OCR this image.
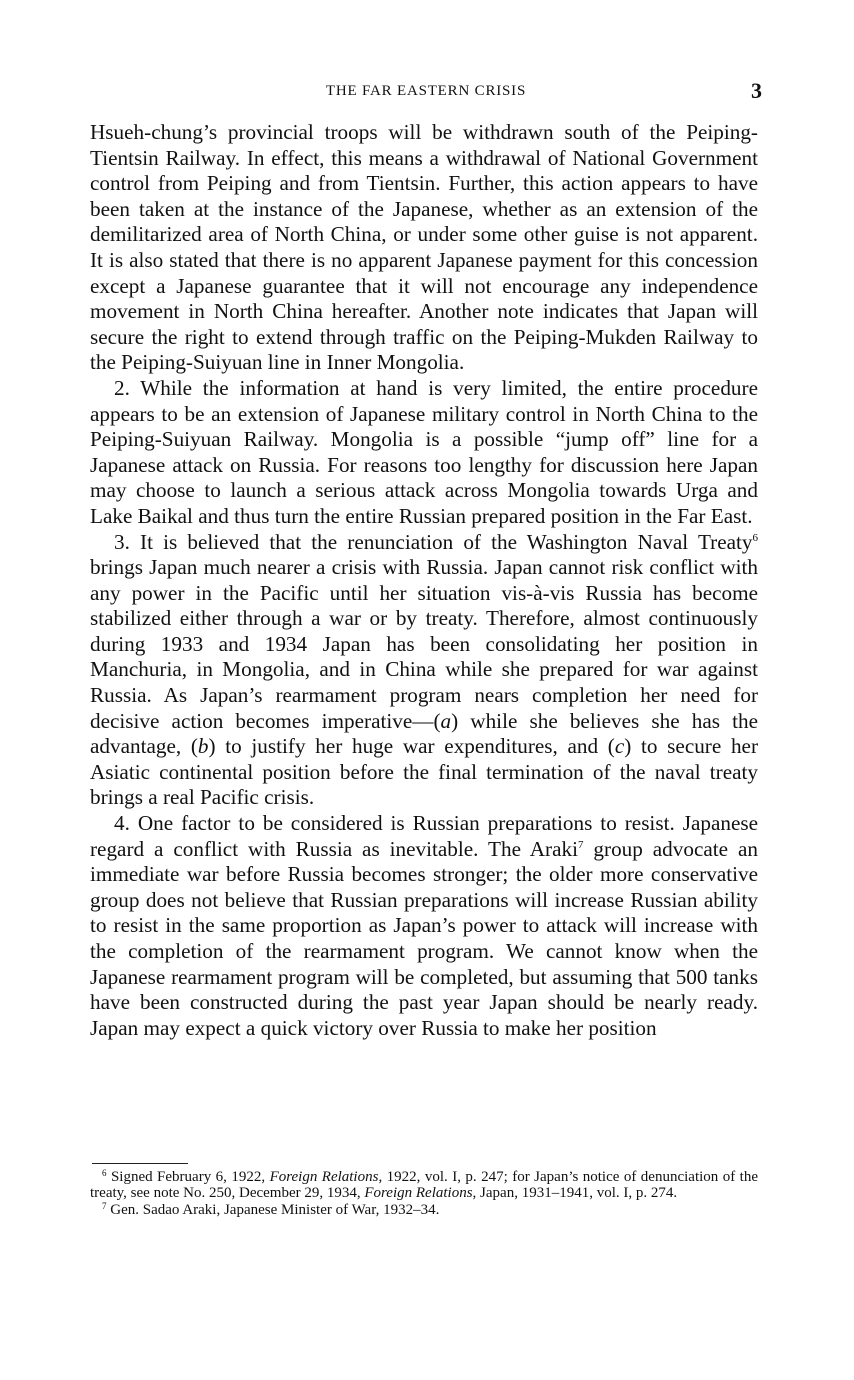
THE FAR EASTERN CRISIS	3

Hsueh-chung’s provincial troops will be withdrawn south of the Peiping-Tientsin Railway. In effect, this means a withdrawal of National Government control from Peiping and from Tientsin. Further, this action appears to have been taken at the instance of the Japanese, whether as an extension of the demilitarized area of North China, or under some other guise is not apparent. It is also stated that there is no apparent Japanese payment for this concession except a Japanese guarantee that it will not encourage any independence movement in North China hereafter. Another note indicates that Japan will secure the right to extend through traffic on the Peiping-Mukden Railway to the Peiping-Suiyuan line in Inner Mongolia.

2. While the information at hand is very limited, the entire procedure appears to be an extension of Japanese military control in North China to the Peiping-Suiyuan Railway. Mongolia is a possible “jump off” line for a Japanese attack on Russia. For reasons too lengthy for discussion here Japan may choose to launch a serious attack across Mongolia towards Urga and Lake Baikal and thus turn the entire Russian prepared position in the Far East.

3. It is believed that the renunciation of the Washington Naval Treaty$^6$ brings Japan much nearer a crisis with Russia. Japan cannot risk conflict with any power in the Pacific until her situation vis-à-vis Russia has become stabilized either through a war or by treaty. Therefore, almost continuously during 1933 and 1934 Japan has been consolidating her position in Manchuria, in Mongolia, and in China while she prepared for war against Russia. As Japan’s rearmament program nears completion her need for decisive action becomes imperative—(a) while she believes she has the advantage, (b) to justify her huge war expenditures, and (c) to secure her Asiatic continental position before the final termination of the naval treaty brings a real Pacific crisis.

4. One factor to be considered is Russian preparations to resist. Japanese regard a conflict with Russia as inevitable. The Araki$^7$ group advocate an immediate war before Russia becomes stronger; the older more conservative group does not believe that Russian preparations will increase Russian ability to resist in the same proportion as Japan’s power to attack will increase with the completion of the rearmament program. We cannot know when the Japanese rearmament program will be completed, but assuming that 500 tanks have been constructed during the past year Japan should be nearly ready. Japan may expect a quick victory over Russia to make her position

$^6$ Signed February 6, 1922, Foreign Relations, 1922, vol. I, p. 247; for Japan’s notice of denunciation of the treaty, see note No. 250, December 29, 1934, Foreign Relations, Japan, 1931–1941, vol. I, p. 274.

$^7$ Gen. Sadao Araki, Japanese Minister of War, 1932–34.
